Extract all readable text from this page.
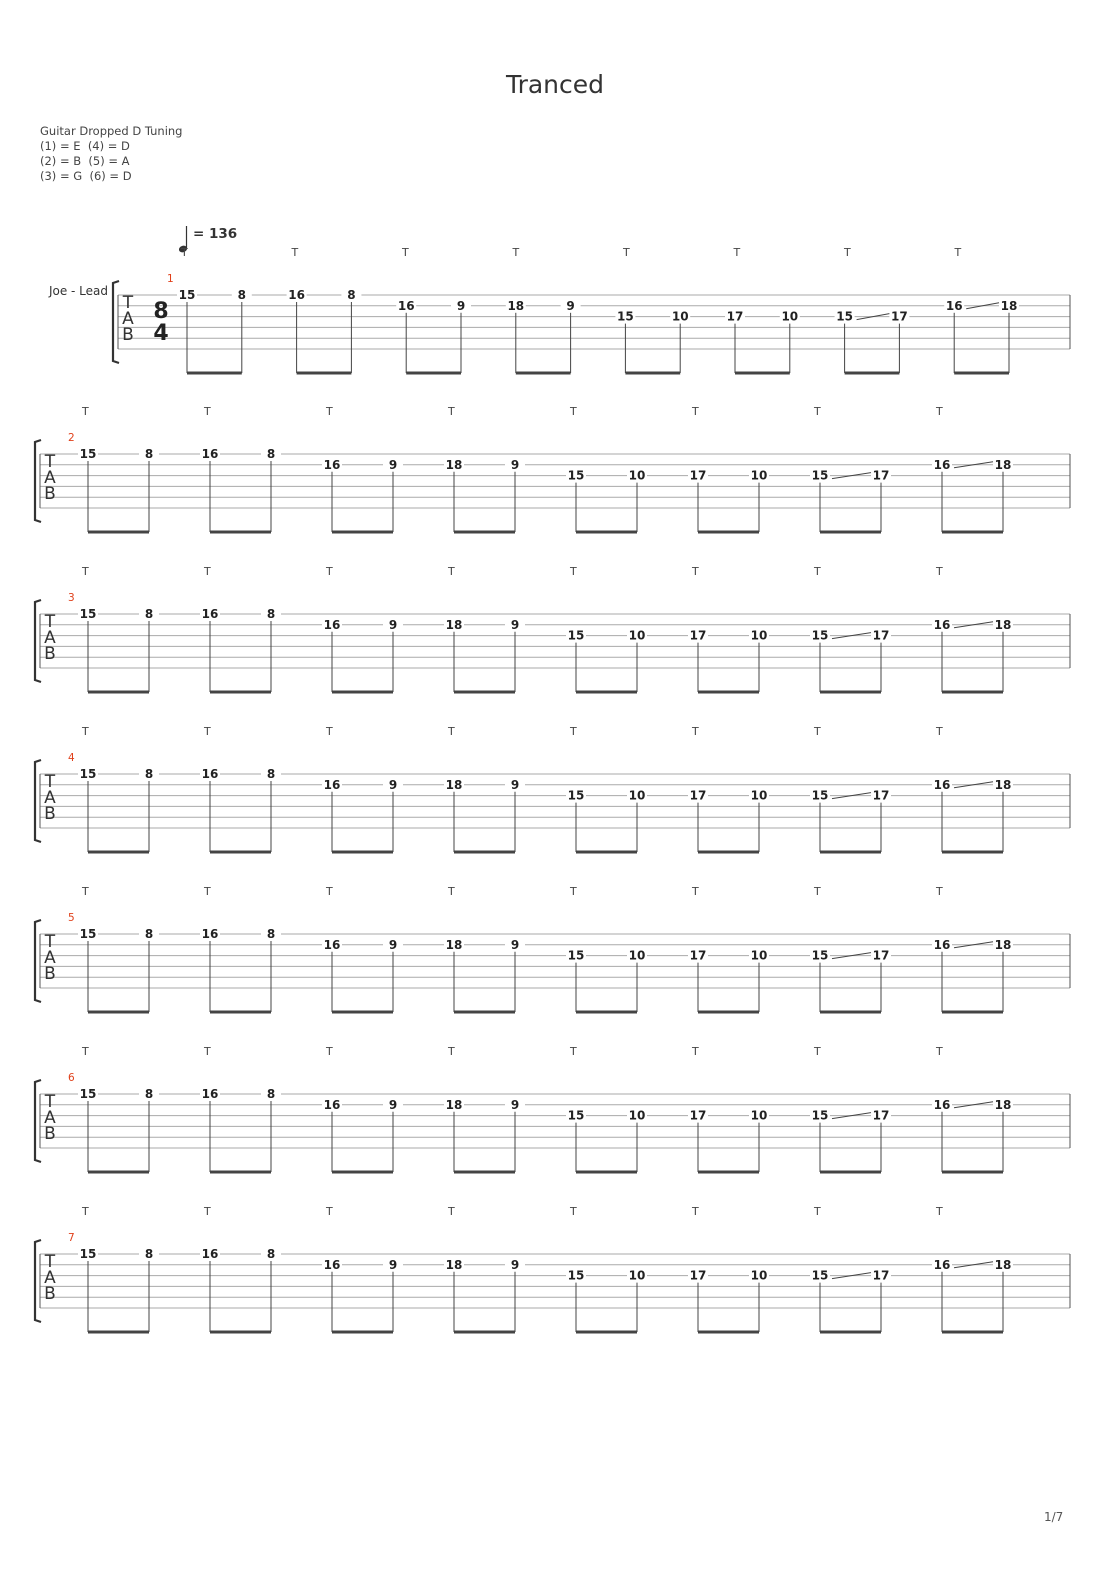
Tranced
Guitar Dropped D Tuning
(1) = E  (4) = D
(2) = B  (5) = A
(3) = G  (6) = D
T
A
B
1
Joe - Lead
8
4
= 136
15	8	16	8
16	9	18	9
15	10	17	10	15	17
16	18
T	T	T	T	T	T	T	T
T
A
B
2
15	8	16	8
16	9	18	9
15	10	17	10	15	17
16	18
T	T	T	T	T	T	T	T
T
A
B
3
15	8	16	8
16	9	18	9
15	10	17	10	15	17
16	18
T	T	T	T	T	T	T	T
T
A
B
4
15	8	16	8
16	9	18	9
15	10	17	10	15	17
16	18
T	T	T	T	T	T	T	T
T
A
B
5
15	8	16	8
16	9	18	9
15	10	17	10	15	17
16	18
T	T	T	T	T	T	T	T
T
A
B
6
15	8	16	8
16	9	18	9
15	10	17	10	15	17
16	18
T	T	T	T	T	T	T	T
T
A
B
7
15	8	16	8
16	9	18	9
15	10	17	10	15	17
16	18
T	T	T	T	T	T	T	T
1/7
